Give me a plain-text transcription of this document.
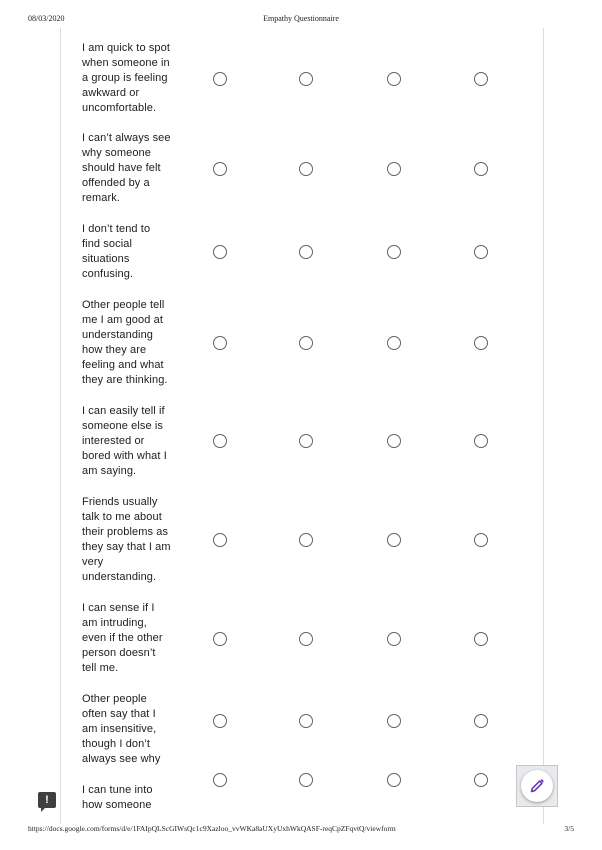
08/03/2020	Empathy Questionnaire
I am quick to spot
when someone in
a group is feeling
awkward or
uncomfortable.
I can’t always see
why someone
should have felt
offended by a
remark.
I don’t tend to
find social
situations
confusing.
Other people tell
me I am good at
understanding
how they are
feeling and what
they are thinking.
I can easily tell if
someone else is
interested or
bored with what I
am saying.
Friends usually
talk to me about
their problems as
they say that I am
very
understanding.
I can sense if I
am intruding,
even if the other
person doesn’t
tell me.
Other people
often say that I
am insensitive,
though I don’t
always see why
I can tune into
how someone
!
https://docs.google.com/forms/d/e/1FAIpQLScGIWsQc1c9Xazloo_vvWKa8aUXyUxhWkQASF-reqCpZFqvtQ/viewform	3/5
